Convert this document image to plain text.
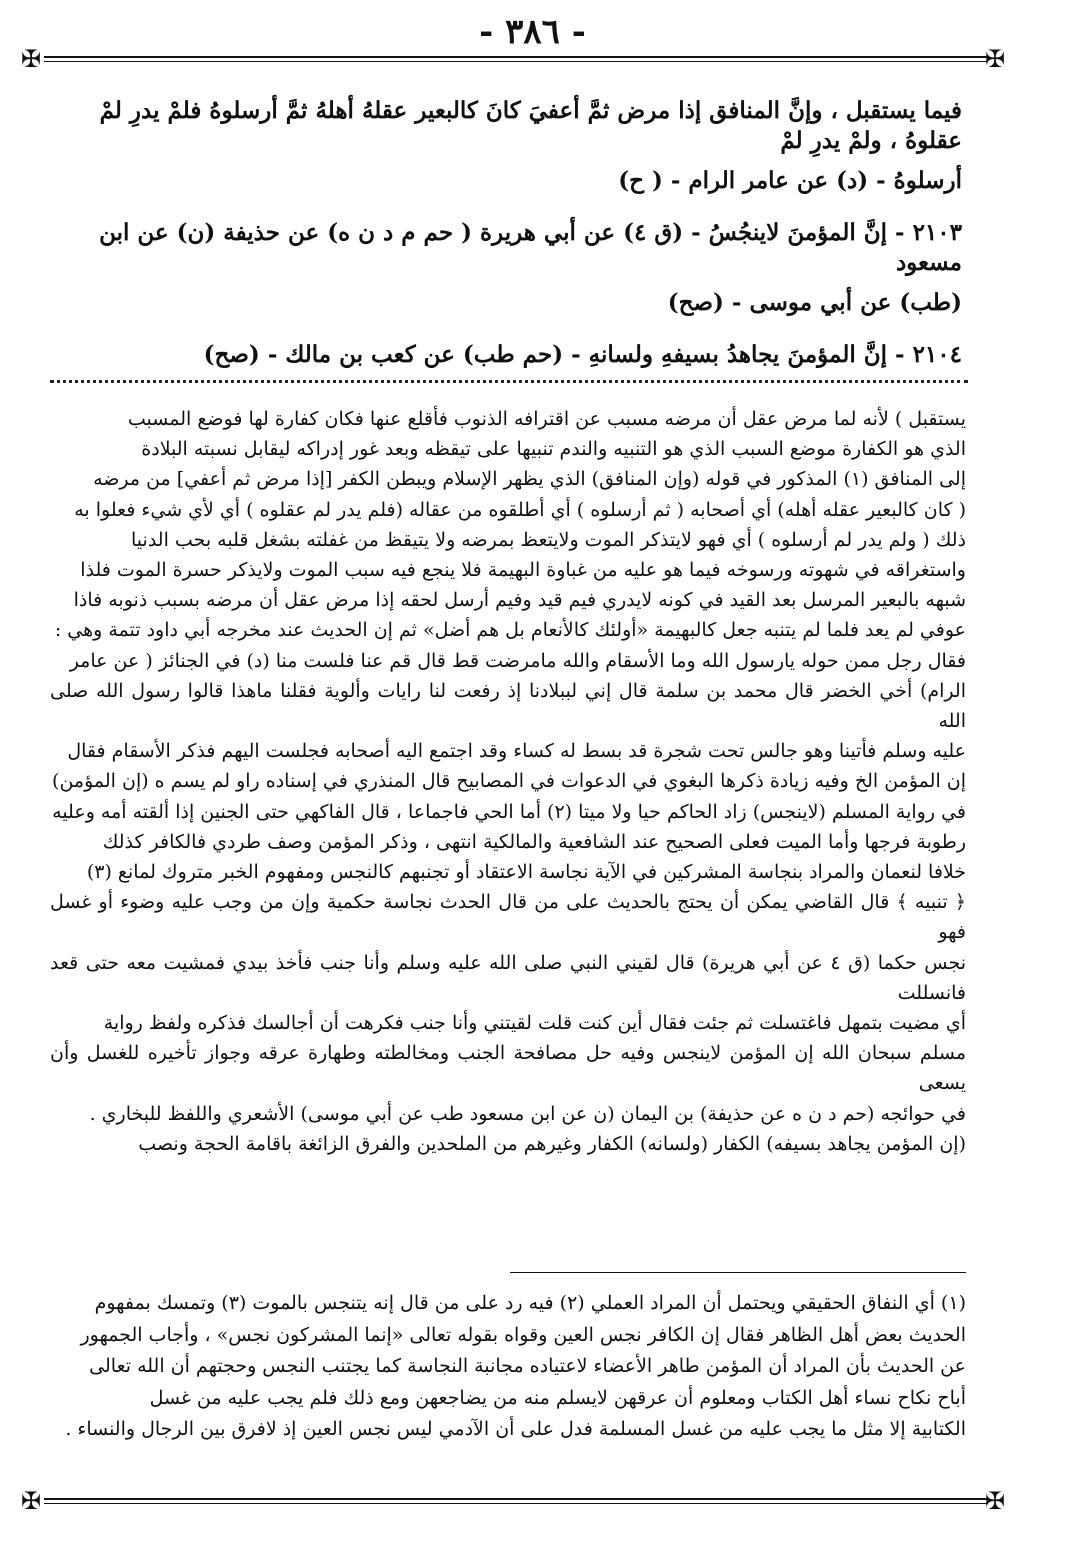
✠	✠
✠	✠
- ٣٨٦ -

فيما يستقبل ، وإنَّ المنافق إذا مرض ثمَّ أعفيَ كانَ كالبعير عقلهُ أهلهُ ثمَّ أرسلوهُ فلمْ يدرِ لمْ عقلوهُ ، ولمْ يدرِ لمْ

أرسلوهُ - (د) عن عامر الرام - ( ح)

٢١٠٣ - إنَّ المؤمنَ لاينجُسُ - (ق ٤) عن أبي هريرة ( حم م د ن ه) عن حذيفة (ن) عن ابن مسعود

(طب) عن أبي موسى - (صح)

٢١٠٤ - إنَّ المؤمنَ يجاهدُ بسيفهِ ولسانهِ - (حم طب) عن كعب بن مالك - (صح)

يستقبل ) لأنه لما مرض عقل أن مرضه مسبب عن اقترافه الذنوب فأقلع عنها فكان كفارة لها فوضع المسبب

الذي هو الكفارة موضع السبب الذي هو التنبيه والندم تنبيها على تيقظه وبعد غور إدراكه ليقابل نسبته البلادة

إلى المنافق (١) المذكور في قوله (وإن المنافق) الذي يظهر الإسلام ويبطن الكفر [إذا مرض ثم أعفي] من مرضه

( كان كالبعير عقله أهله) أي أصحابه ( ثم أرسلوه ) أي أطلقوه من عقاله (فلم يدر لم عقلوه ) أي لأي شيء فعلوا به

ذلك ( ولم يدر لم أرسلوه ) أي فهو لايتذكر الموت ولايتعظ بمرضه ولا يتيقظ من غفلته بشغل قلبه بحب الدنيا

واستغراقه في شهوته ورسوخه فيما هو عليه من غباوة البهيمة فلا ينجع فيه سبب الموت ولايذكر حسرة الموت فلذا

شبهه بالبعير المرسل بعد القيد في كونه لايدري فيم قيد وفيم أرسل لحقه إذا مرض عقل أن مرضه بسبب ذنوبه فاذا

عوفي لم يعد فلما لم يتنبه جعل كالبهيمة «أولئك كالأنعام بل هم أضل» ثم إن الحديث عند مخرجه أبي داود تتمة وهي :

فقال رجل ممن حوله يارسول الله وما الأسقام والله مامرضت قط قال قم عنا فلست منا (د) في الجنائز ( عن عامر

الرام) أخي الخضر قال محمد بن سلمة قال إني لببلادنا إذ رفعت لنا رايات وألوية فقلنا ماهذا قالوا رسول الله صلى الله

عليه وسلم فأتينا وهو جالس تحت شجرة قد بسط له كساء وقد اجتمع اليه أصحابه فجلست اليهم فذكر الأسقام فقال

إن المؤمن الخ وفيه زيادة ذكرها البغوي في الدعوات في المصابيح قال المنذري في إسناده راو لم يسم ه (إن المؤمن)

في رواية المسلم (لاينجس) زاد الحاكم حيا ولا ميتا (٢) أما الحي فاجماعا ، قال الفاكهي حتى الجنين إذا ألقته أمه وعليه

رطوبة فرجها وأما الميت فعلى الصحيح عند الشافعية والمالكية انتهى ، وذكر المؤمن وصف طردي فالكافر كذلك

خلافا لنعمان والمراد بنجاسة المشركين في الآية نجاسة الاعتقاد أو تجنبهم كالنجس ومفهوم الخبر متروك لمانع (٣)

﴿ تنبيه ﴾ قال القاضي يمكن أن يحتج بالحديث على من قال الحدث نجاسة حكمية وإن من وجب عليه وضوء أو غسل فهو

نجس حكما (ق ٤ عن أبي هريرة) قال لقيني النبي صلى الله عليه وسلم وأنا جنب فأخذ بيدي فمشيت معه حتى قعد فانسللت

أي مضيت بتمهل فاغتسلت ثم جئت فقال أين كنت قلت لقيتني وأنا جنب فكرهت أن أجالسك فذكره ولفظ رواية

مسلم سبحان الله إن المؤمن لاينجس وفيه حل مصافحة الجنب ومخالطته وطهارة عرقه وجواز تأخيره للغسل وأن يسعى

في حوائجه (حم د ن ه عن حذيفة) بن اليمان (ن عن ابن مسعود طب عن أبي موسى) الأشعري واللفظ للبخاري .

(إن المؤمن يجاهد بسيفه) الكفار (ولسانه) الكفار وغيرهم من الملحدين والفرق الزائغة باقامة الحجة ونصب

(١) أي النفاق الحقيقي ويحتمل أن المراد العملي (٢) فيه رد على من قال إنه يتنجس بالموت (٣) وتمسك بمفهوم

الحديث بعض أهل الظاهر فقال إن الكافر نجس العين وقواه بقوله تعالى «إنما المشركون نجس» ، وأجاب الجمهور

عن الحديث بأن المراد أن المؤمن طاهر الأعضاء لاعتياده مجانبة النجاسة كما يجتنب النجس وحجتهم أن الله تعالى

أباح نكاح نساء أهل الكتاب ومعلوم أن عرقهن لايسلم منه من يضاجعهن ومع ذلك فلم يجب عليه من غسل

الكتابية إلا مثل ما يجب عليه من غسل المسلمة فدل على أن الآدمي ليس نجس العين إذ لافرق بين الرجال والنساء .
